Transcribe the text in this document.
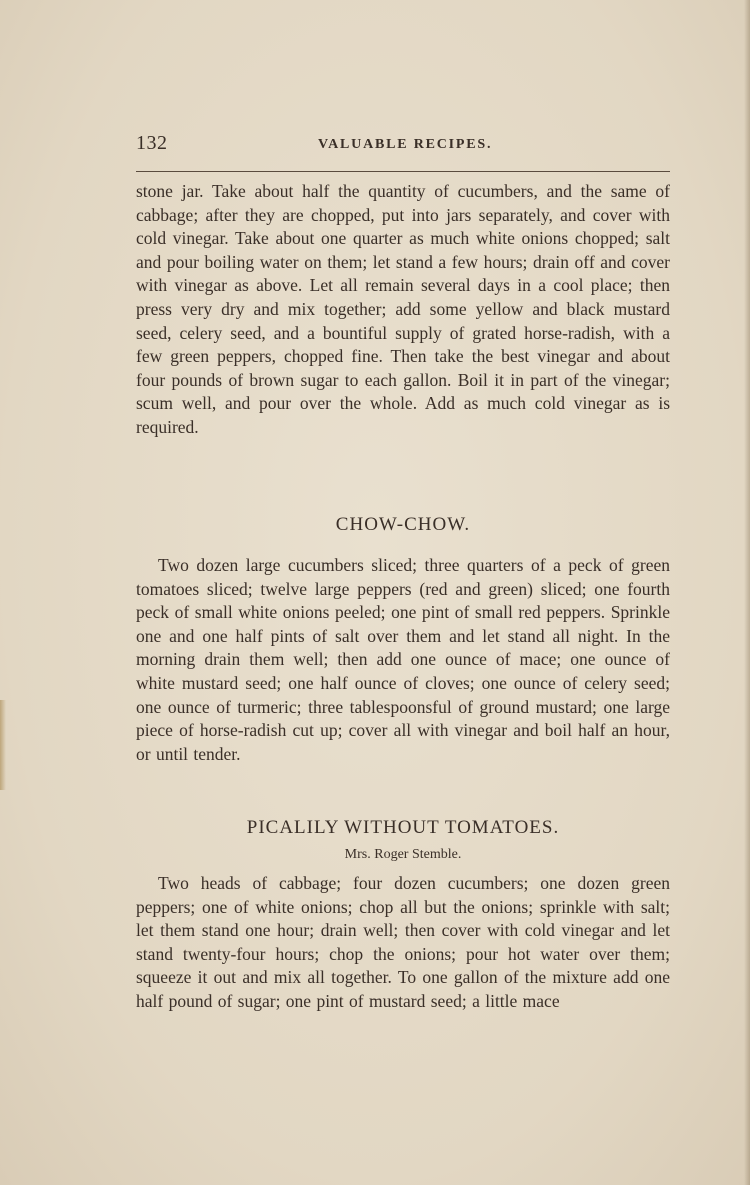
132	VALUABLE RECIPES.

stone jar. Take about half the quantity of cucumbers, and the same of cabbage; after they are chopped, put into jars separately, and cover with cold vinegar. Take about one quarter as much white onions chopped; salt and pour boiling water on them; let stand a few hours; drain off and cover with vinegar as above. Let all remain several days in a cool place; then press very dry and mix together; add some yellow and black mustard seed, celery seed, and a bountiful supply of grated horse-radish, with a few green peppers, chopped fine. Then take the best vinegar and about four pounds of brown sugar to each gallon. Boil it in part of the vinegar; scum well, and pour over the whole. Add as much cold vinegar as is required.

CHOW-CHOW.

Two dozen large cucumbers sliced; three quarters of a peck of green tomatoes sliced; twelve large peppers (red and green) sliced; one fourth peck of small white onions peeled; one pint of small red peppers. Sprinkle one and one half pints of salt over them and let stand all night. In the morning drain them well; then add one ounce of mace; one ounce of white mustard seed; one half ounce of cloves; one ounce of celery seed; one ounce of turmeric; three tablespoonsful of ground mustard; one large piece of horse-radish cut up; cover all with vinegar and boil half an hour, or until tender.

PICALILY WITHOUT TOMATOES.
Mrs. Roger Stemble.

Two heads of cabbage; four dozen cucumbers; one dozen green peppers; one of white onions; chop all but the onions; sprinkle with salt; let them stand one hour; drain well; then cover with cold vinegar and let stand twenty-four hours; chop the onions; pour hot water over them; squeeze it out and mix all together. To one gallon of the mixture add one half pound of sugar; one pint of mustard seed; a little mace
